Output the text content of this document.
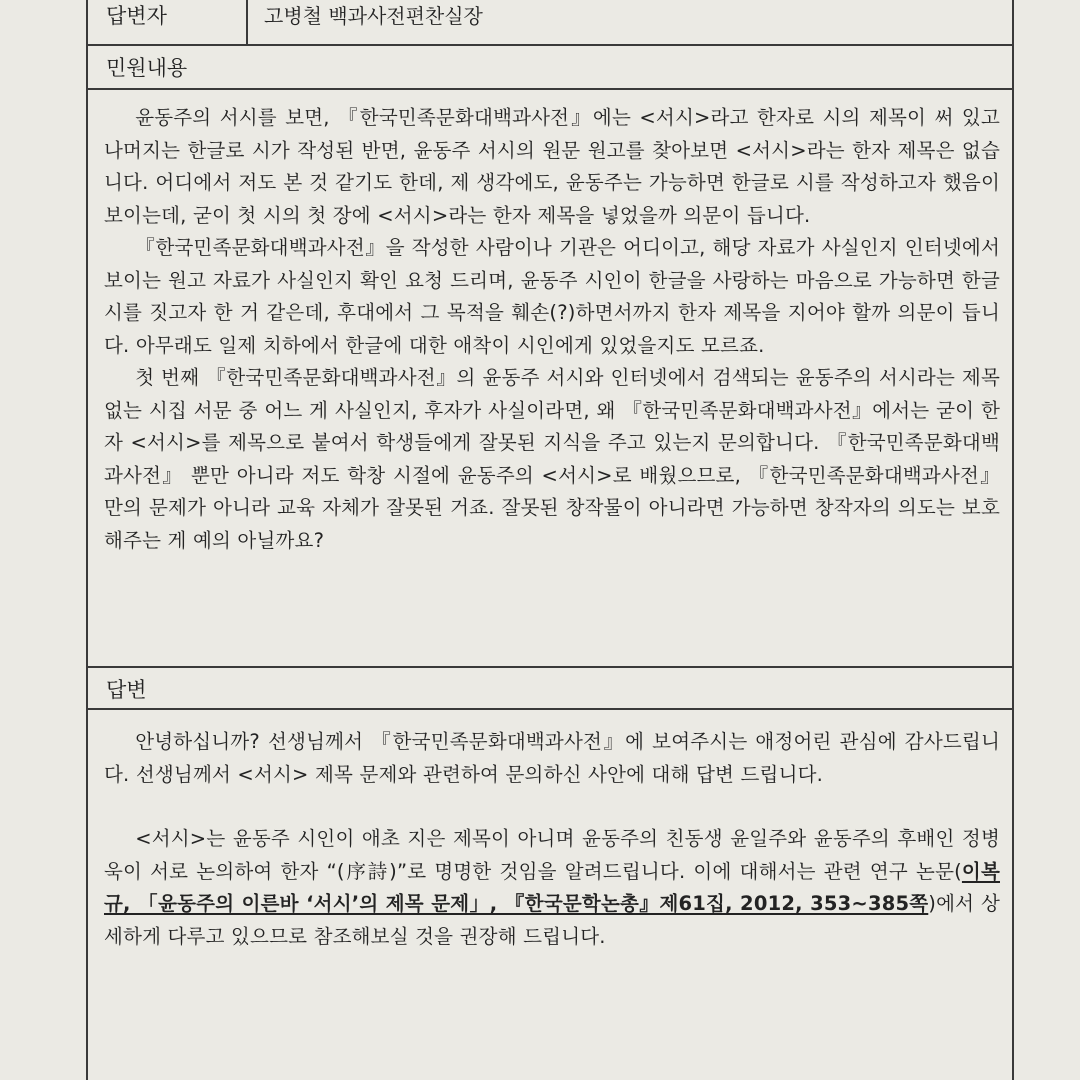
답변자	고병철 백과사전편찬실장
민원내용

윤동주의 서시를 보면, 『한국민족문화대백과사전』에는 <서시>라고 한자로 시의 제목이 써 있고 나머지는 한글로 시가 작성된 반면, 윤동주 서시의 원문 원고를 찾아보면 <서시>라는 한자 제목은 없습니다. 어디에서 저도 본 것 같기도 한데, 제 생각에도, 윤동주는 가능하면 한글로 시를 작성하고자 했음이 보이는데, 굳이 첫 시의 첫 장에 <서시>라는 한자 제목을 넣었을까 의문이 듭니다.

『한국민족문화대백과사전』을 작성한 사람이나 기관은 어디이고, 해당 자료가 사실인지 인터넷에서 보이는 원고 자료가 사실인지 확인 요청 드리며, 윤동주 시인이 한글을 사랑하는 마음으로 가능하면 한글 시를 짓고자 한 거 같은데, 후대에서 그 목적을 훼손(?)하면서까지 한자 제목을 지어야 할까 의문이 듭니다. 아무래도 일제 치하에서 한글에 대한 애착이 시인에게 있었을지도 모르죠.

첫 번째 『한국민족문화대백과사전』의 윤동주 서시와 인터넷에서 검색되는 윤동주의 서시라는 제목 없는 시집 서문 중 어느 게 사실인지, 후자가 사실이라면, 왜 『한국민족문화대백과사전』에서는 굳이 한자 <서시>를 제목으로 붙여서 학생들에게 잘못된 지식을 주고 있는지 문의합니다. 『한국민족문화대백과사전』 뿐만 아니라 저도 학창 시절에 윤동주의 <서시>로 배웠으므로, 『한국민족문화대백과사전』만의 문제가 아니라 교육 자체가 잘못된 거죠. 잘못된 창작물이 아니라면 가능하면 창작자의 의도는 보호해주는 게 예의 아닐까요?

답변

안녕하십니까? 선생님께서 『한국민족문화대백과사전』에 보여주시는 애정어린 관심에 감사드립니다. 선생님께서 <서시> 제목 문제와 관련하여 문의하신 사안에 대해 답변 드립니다.

<서시>는 윤동주 시인이 애초 지은 제목이 아니며 윤동주의 친동생 윤일주와 윤동주의 후배인 정병욱이 서로 논의하여 한자 “(序詩)”로 명명한 것임을 알려드립니다. 이에 대해서는 관련 연구 논문(이복규, 「윤동주의 이른바 ‘서시’의 제목 문제」, 『한국문학논총』제61집, 2012, 353~385쪽)에서 상세하게 다루고 있으므로 참조해보실 것을 권장해 드립니다.
